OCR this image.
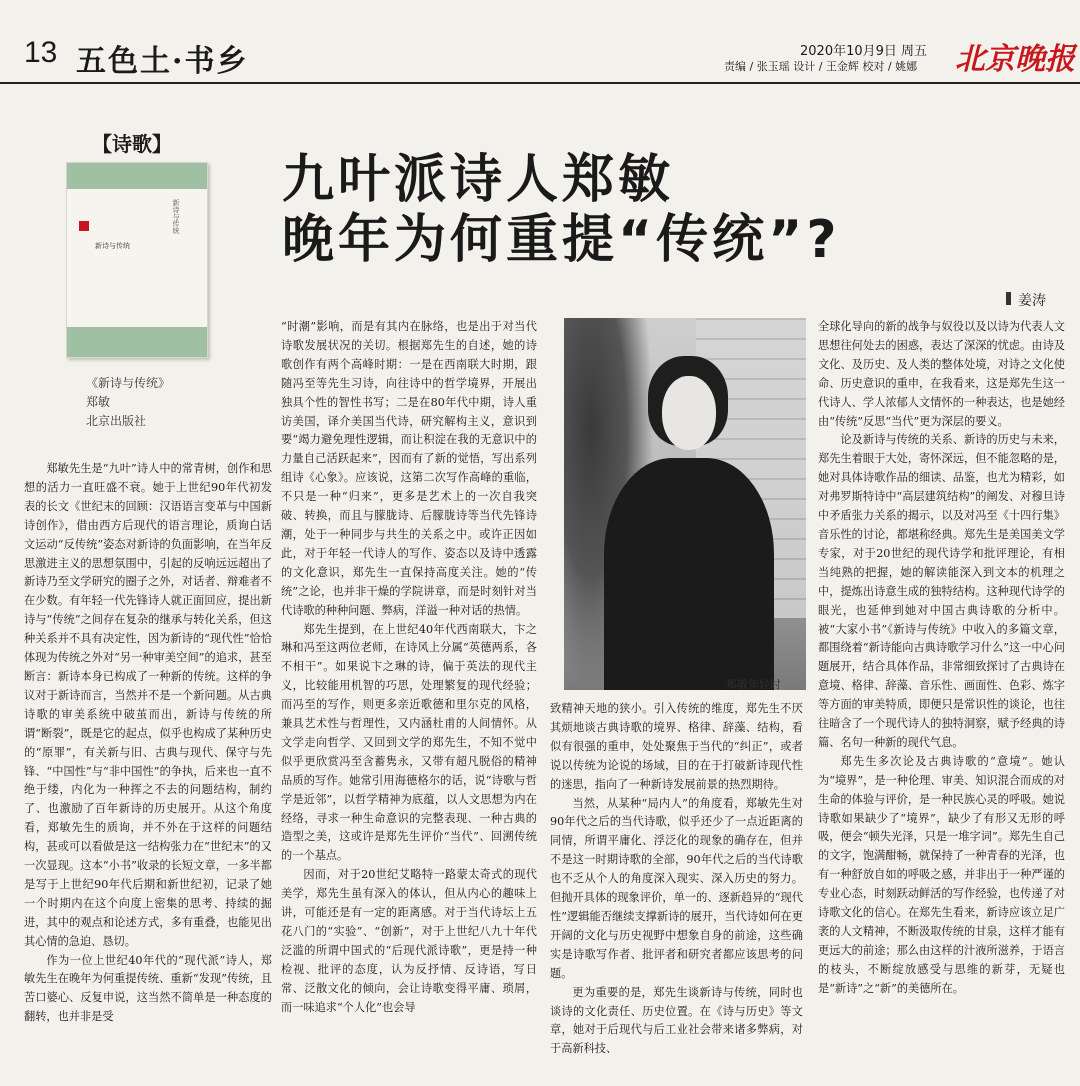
13 五色土·书乡	2020年10月9日 周五
责编 / 张玉瑶 设计 / 王金辉 校对 / 姚娜 北京晚报
【诗歌】
新诗与传统
新诗与传统
《新诗与传统》
郑敏
北京出版社
九叶派诗人郑敏
晚年为何重提“传统”?
姜涛
郑敏年轻时

郑敏先生是“九叶”诗人中的常青树，创作和思想的活力一直旺盛不衰。她于上世纪90年代初发表的长文《世纪末的回顾：汉语语言变革与中国新诗创作》，借由西方后现代的语言理论，质询白话文运动“反传统”姿态对新诗的负面影响，在当年反思激进主义的思想氛围中，引起的反响远远超出了新诗乃至文学研究的圈子之外，对话者、辩难者不在少数。有年轻一代先锋诗人就正面回应，提出新诗与“传统”之间存在复杂的继承与转化关系，但这种关系并不具有决定性，因为新诗的“现代性”恰恰体现为传统之外对“另一种审美空间”的追求，甚至断言：新诗本身已构成了一种新的传统。这样的争议对于新诗而言，当然并不是一个新问题。从古典诗歌的审美系统中破茧而出，新诗与传统的所谓“断裂”，既是它的起点，似乎也构成了某种历史的“原罪”，有关新与旧、古典与现代、保守与先锋、“中国性”与“非中国性”的争执，后来也一直不绝于缕，内化为一种挥之不去的问题结构，制约了、也激励了百年新诗的历史展开。从这个角度看，郑敏先生的质询，并不外在于这样的问题结构，甚或可以看做是这一结构张力在“世纪末”的又一次显现。这本“小书”收录的长短文章，一多半都是写于上世纪90年代后期和新世纪初，记录了她一个时期内在这个向度上密集的思考、持续的掘进，其中的观点和论述方式，多有重叠，也能见出其心情的急迫、恳切。

作为一位上世纪40年代的“现代派”诗人，郑敏先生在晚年为何重提传统、重新“发现”传统，且苦口婆心、反复申说，这当然不简单是一种态度的翻转，也并非是受

“时潮”影响，而是有其内在脉络，也是出于对当代诗歌发展状况的关切。根据郑先生的自述，她的诗歌创作有两个高峰时期：一是在西南联大时期，跟随冯至等先生习诗，向往诗中的哲学境界，开展出独具个性的智性书写；二是在80年代中期，诗人重访美国，译介美国当代诗，研究解构主义，意识到要“竭力避免理性逻辑，而让积淀在我的无意识中的力量自己活跃起来”，因而有了新的觉悟，写出系列组诗《心象》。应该说，这第二次写作高峰的重临，不只是一种“归来”，更多是艺术上的一次自我突破、转换，而且与朦胧诗、后朦胧诗等当代先锋诗潮，处于一种同步与共生的关系之中。或许正因如此，对于年轻一代诗人的写作、姿态以及诗中透露的文化意识，郑先生一直保持高度关注。她的“传统”之论，也并非干燥的学院讲章，而是时刻针对当代诗歌的种种问题、弊病，洋溢一种对话的热情。

郑先生提到，在上世纪40年代西南联大，卞之琳和冯至这两位老师，在诗风上分属“英德两系，各不相干”。如果说卞之琳的诗，偏于英法的现代主义，比较能用机智的巧思，处理繁复的现代经验；而冯至的写作，则更多亲近歌德和里尔克的风格，兼具艺术性与哲理性，又内涵杜甫的人间情怀。从文学走向哲学、又回到文学的郑先生，不知不觉中似乎更欣赏冯至含蓄隽永，又带有超凡脱俗的精神品质的写作。她常引用海德格尔的话，说“诗歌与哲学是近邻”，以哲学精神为底蕴，以人文思想为内在经络，寻求一种生命意识的完整表现、一种古典的造型之美，这或许是郑先生评价“当代”、回溯传统的一个基点。

因而，对于20世纪艾略特一路蒙太奇式的现代美学，郑先生虽有深入的体认，但从内心的趣味上讲，可能还是有一定的距离感。对于当代诗坛上五花八门的“实验”、“创新”，对于上世纪八九十年代泛滥的所谓中国式的“后现代派诗歌”，更是持一种检视、批评的态度，认为反抒情、反诗语，写日常、泛散文化的倾向，会让诗歌变得平庸、琐屑，而一味追求“个人化”也会导

致精神天地的狭小。引入传统的维度，郑先生不厌其烦地谈古典诗歌的境界、格律、辞藻、结构，看似有很强的重申，处处聚焦于当代的“纠正”，或者说以传统为论说的场域，目的在于打破新诗现代性的迷思，指向了一种新诗发展前景的热烈期待。

当然，从某种“局内人”的角度看，郑敏先生对90年代之后的当代诗歌，似乎还少了一点近距离的同情，所谓平庸化、浮泛化的现象的确存在，但并不是这一时期诗歌的全部，90年代之后的当代诗歌也不乏从个人的角度深入现实、深入历史的努力。但抛开具体的现象评价，单一的、逐新趋异的“现代性”逻辑能否继续支撑新诗的展开，当代诗如何在更开阔的文化与历史视野中想象自身的前途，这些确实是诗歌写作者、批评者和研究者都应该思考的问题。

更为重要的是，郑先生谈新诗与传统，同时也谈诗的文化责任、历史位置。在《诗与历史》等文章，她对于后现代与后工业社会带来诸多弊病，对于高新科技、

全球化导向的新的战争与奴役以及以诗为代表人文思想往何处去的困惑，表达了深深的忧虑。由诗及文化、及历史、及人类的整体处境，对诗之文化使命、历史意识的重申，在我看来，这是郑先生这一代诗人、学人浓郁人文情怀的一种表达，也是她经由“传统”反思“当代”更为深层的要义。

论及新诗与传统的关系、新诗的历史与未来，郑先生着眼于大处，寄怀深远，但不能忽略的是，她对具体诗歌作品的细读、品鉴，也尤为精彩，如对弗罗斯特诗中“高层建筑结构”的阐发、对穆旦诗中矛盾张力关系的揭示，以及对冯至《十四行集》音乐性的讨论，都堪称经典。郑先生是美国美文学专家，对于20世纪的现代诗学和批评理论，有相当纯熟的把握，她的解读能深入到文本的机理之中，提炼出诗意生成的独特结构。这种现代诗学的眼光，也延伸到她对中国古典诗歌的分析中。被“大家小书”《新诗与传统》中收入的多篇文章，都围绕着“新诗能向古典诗歌学习什么”这一中心问题展开，结合具体作品，非常细致探讨了古典诗在意境、格律、辞藻、音乐性、画面性、色彩、炼字等方面的审美特质，即便只是常识性的谈论，也往往暗含了一个现代诗人的独特洞察，赋予经典的诗篇、名句一种新的现代气息。

郑先生多次论及古典诗歌的“意境”。她认为“境界”，是一种伦理、审美、知识混合而成的对生命的体验与评价，是一种民族心灵的呼吸。她说诗歌如果缺少了“境界”，缺少了有形又无形的呼吸，便会“顿失光泽，只是一堆字词”。郑先生自己的文字，饱满酣畅，就保持了一种青春的光泽，也有一种舒放自如的呼吸之感，并非出于一种严谨的专业心态，时刻跃动鲜活的写作经验，也传递了对诗歌文化的信心。在郑先生看来，新诗应该立足广袤的人文精神，不断汲取传统的甘泉，这样才能有更远大的前途；那么由这样的汁液所滋养，于语言的枝头，不断绽放感受与思维的新芽，无疑也是“新诗”之“新”的美德所在。
